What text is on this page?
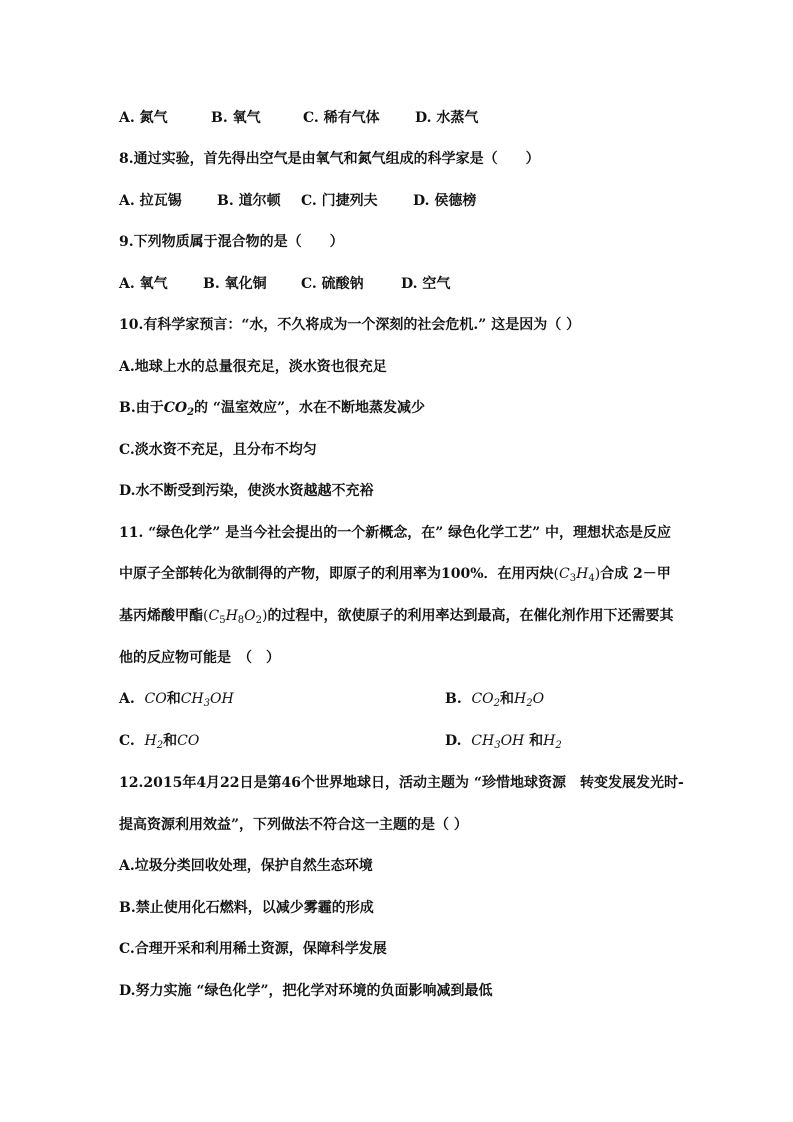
A. 氮气	B. 氧气	C. 稀有气体	D. 水蒸气
8.通过实验，首先得出空气是由氧气和氮气组成的科学家是（　　）
A. 拉瓦锡	B. 道尔顿 C. 门捷列夫	D. 侯德榜
9.下列物质属于混合物的是（　　）
A. 氧气	B. 氧化铜 C. 硫酸钠	D. 空气
10.有科学家预言：“水，不久将成为一个深刻的社会危机.” 这是因为（ ）
A.地球上水的总量很充足，淡水资也很充足
B.由于$CO_2$的 “温室效应”，水在不断地蒸发减少
C.淡水资不充足，且分布不均匀
D.水不断受到污染，使淡水资越越不充裕
11. “绿色化学” 是当今社会提出的一个新概念，在” 绿色化学工艺” 中，理想状态是反应
中原子全部转化为欲制得的产物，即原子的利用率为100%．在用丙炔$(C_3H_4)$合成 2－甲
基丙烯酸甲酯$(C_5H_8O_2)$的过程中，欲使原子的利用率达到最高，在催化剂作用下还需要其
他的反应物可能是　（　）
A. CO和$CH_3OH$	B. $CO_2$和$H_2O$
C. $H_2$和CO	D. $CH_3OH$ 和$H_2$
12.2015年4月22日是第46个世界地球日，活动主题为 “珍惜地球资源　转变发展发光时-
提高资源利用效益”，下列做法不符合这一主题的是（ ）
A.垃圾分类回收处理，保护自然生态环境
B.禁止使用化石燃料，以减少雾霾的形成
C.合理开采和利用稀土资源，保障科学发展
D.努力实施 “绿色化学”，把化学对环境的负面影响减到最低
